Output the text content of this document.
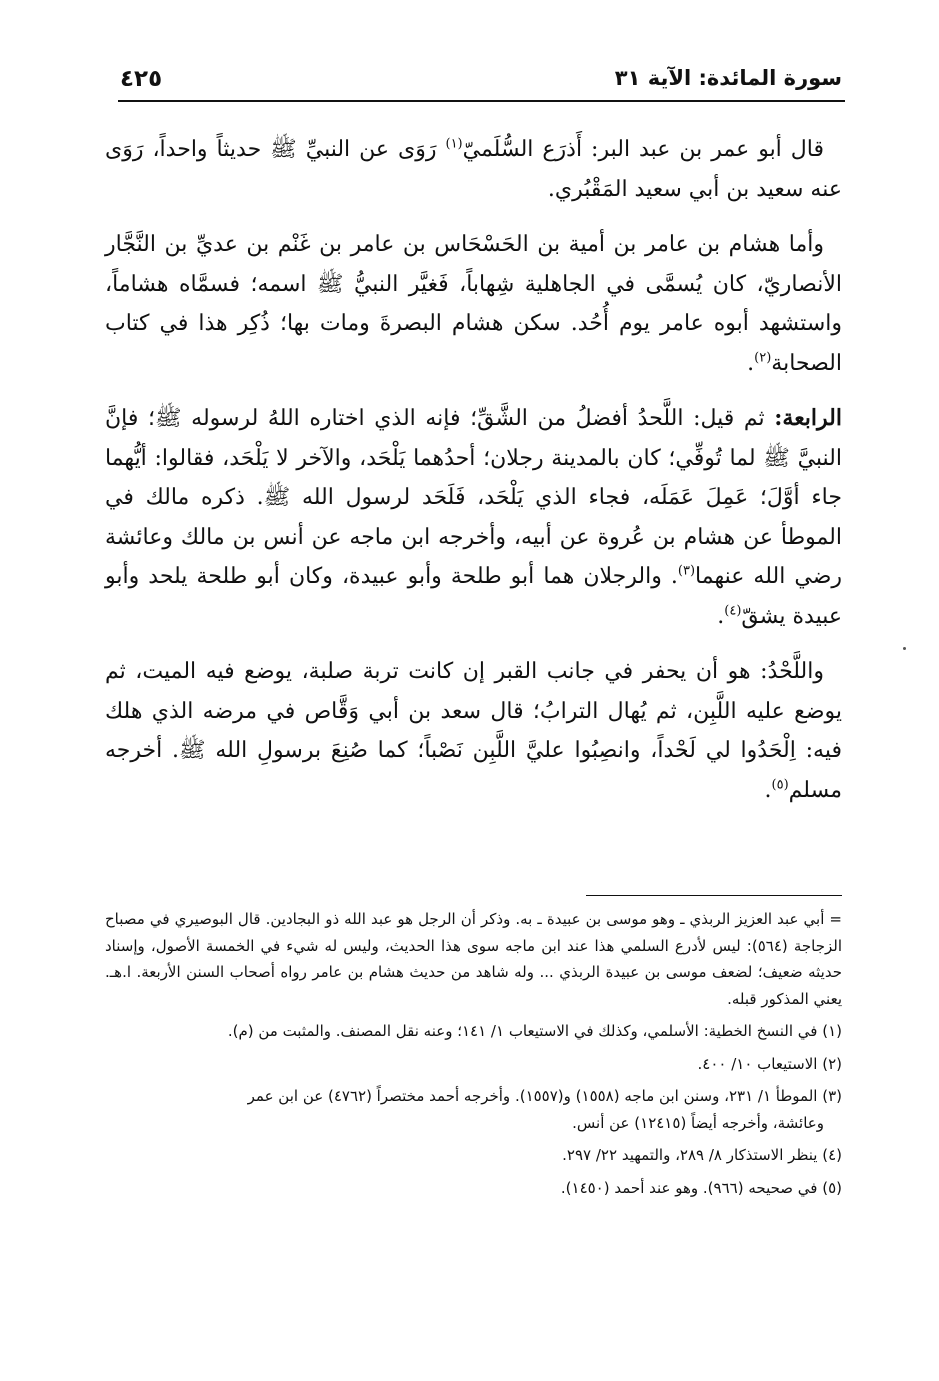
سورة المائدة: الآية ٣١
٤٢٥

قال أبو عمر بن عبد البر: أَذرَع السُّلَميّ$^{(١)}$ رَوَى عن النبيِّ ﷺ حديثاً واحداً، رَوَى عنه سعيد بن أبي سعيد المَقْبُري.

وأما هشام بن عامر بن أمية بن الحَسْحَاس بن عامر بن غَنْم بن عديِّ بن النَّجَّار الأنصاريّ، كان يُسمَّى في الجاهلية شِهاباً، فَغيَّر النبيُّ ﷺ اسمه؛ فسمَّاه هشاماً، واستشهد أبوه عامر يوم أُحُد. سكن هشام البصرةَ ومات بها؛ ذُكِر هذا في كتاب الصحابة$^{(٢)}$.

الرابعة: ثم قيل: اللَّحدُ أفضلُ من الشَّقِّ؛ فإنه الذي اختاره اللهُ لرسوله ﷺ؛ فإنَّ النبيَّ ﷺ لما تُوفِّي؛ كان بالمدينة رجلان؛ أحدُهما يَلْحَد، والآخر لا يَلْحَد، فقالوا: أيُّهما جاء أوَّلَ؛ عَمِلَ عَمَلَه، فجاء الذي يَلْحَد، فَلَحَد لرسول الله ﷺ. ذكره مالك في الموطأ عن هشام بن عُروة عن أبيه، وأخرجه ابن ماجه عن أنس بن مالك وعائشة رضي الله عنهما$^{(٣)}$. والرجلان هما أبو طلحة وأبو عبيدة، وكان أبو طلحة يلحد وأبو عبيدة يشقّ$^{(٤)}$.

واللَّحْدُ: هو أن يحفر في جانب القبر إن كانت تربة صلبة، يوضع فيه الميت، ثم يوضع عليه اللَّبِن، ثم يُهال الترابُ؛ قال سعد بن أبي وَقَّاص في مرضه الذي هلك فيه: اِلْحَدُوا لي لَحْداً، وانصِبُوا عليَّ اللَّبِن نَصْباً؛ كما صُنِعَ برسولِ الله ﷺ. أخرجه مسلم$^{(٥)}$.

= أبي عبد العزيز الربذي ـ وهو موسى بن عبيدة ـ به. وذكر أن الرجل هو عبد الله ذو البجادين. قال البوصيري في مصباح الزجاجة (٥٦٤): ليس لأدرع السلمي هذا عند ابن ماجه سوى هذا الحديث، وليس له شيء في الخمسة الأصول، وإسناد حديثه ضعيف؛ لضعف موسى بن عبيدة الربذي ... وله شاهد من حديث هشام بن عامر رواه أصحاب السنن الأربعة. ا.هـ. يعني المذكور قبله.

(١) في النسخ الخطية: الأسلمي، وكذلك في الاستيعاب ١/ ١٤١؛ وعنه نقل المصنف. والمثبت من (م).

(٢) الاستيعاب ١٠/ ٤٠٠.

(٣) الموطأ ١/ ٢٣١، وسنن ابن ماجه (١٥٥٨) و(١٥٥٧). وأخرجه أحمد مختصراً (٤٧٦٢) عن ابن عمر
وعائشة، وأخرجه أيضاً (١٢٤١٥) عن أنس.

(٤) ينظر الاستذكار ٨/ ٢٨٩، والتمهيد ٢٢/ ٢٩٧.

(٥) في صحيحه (٩٦٦). وهو عند أحمد (١٤٥٠).
